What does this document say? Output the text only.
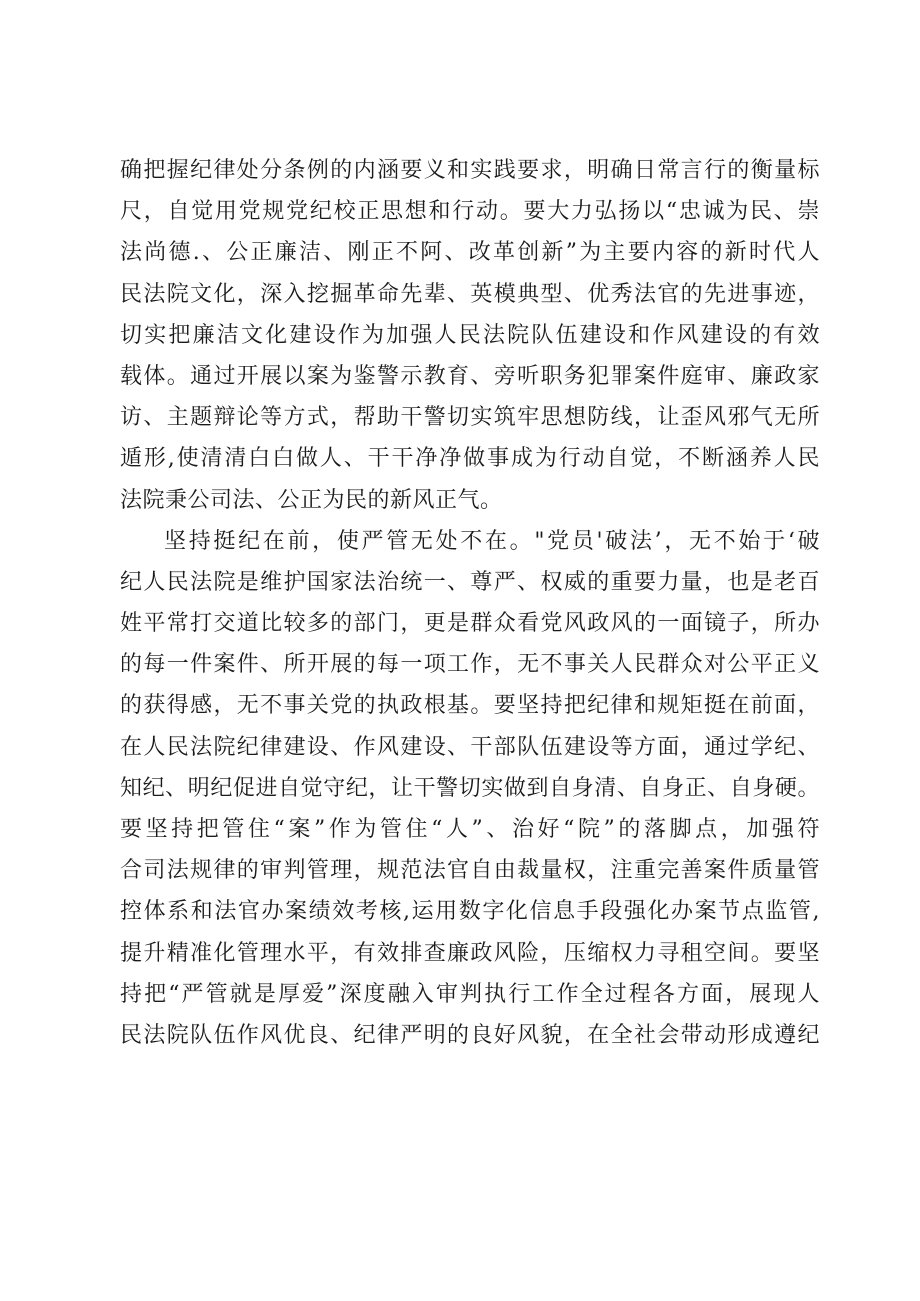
确把握纪律处分条例的内涵要义和实践要求，明确日常言行的衡量标
尺，自觉用党规党纪校正思想和行动。要大力弘扬以“忠诚为民、崇
法尚德.、公正廉洁、刚正不阿、改革创新”为主要内容的新时代人
民法院文化，深入挖掘革命先辈、英模典型、优秀法官的先进事迹，
切实把廉洁文化建设作为加强人民法院队伍建设和作风建设的有效
载体。通过开展以案为鉴警示教育、旁听职务犯罪案件庭审、廉政家
访、主题辩论等方式，帮助干警切实筑牢思想防线，让歪风邪气无所
遁形,使清清白白做人、干干净净做事成为行动自觉，不断涵养人民
法院秉公司法、公正为民的新风正气。
坚持挺纪在前，使严管无处不在。"党员'破法’，无不始于‘破
纪人民法院是维护国家法治统一、尊严、权威的重要力量，也是老百
姓平常打交道比较多的部门，更是群众看党风政风的一面镜子，所办
的每一件案件、所开展的每一项工作，无不事关人民群众对公平正义
的获得感，无不事关党的执政根基。要坚持把纪律和规矩挺在前面，
在人民法院纪律建设、作风建设、干部队伍建设等方面，通过学纪、
知纪、明纪促进自觉守纪，让干警切实做到自身清、自身正、自身硬。
要坚持把管住“案”作为管住“人”、治好“院”的落脚点，加强符
合司法规律的审判管理，规范法官自由裁量权，注重完善案件质量管
控体系和法官办案绩效考核,运用数字化信息手段强化办案节点监管,
提升精准化管理水平，有效排查廉政风险，压缩权力寻租空间。要坚
持把“严管就是厚爱”深度融入审判执行工作全过程各方面，展现人
民法院队伍作风优良、纪律严明的良好风貌，在全社会带动形成遵纪
